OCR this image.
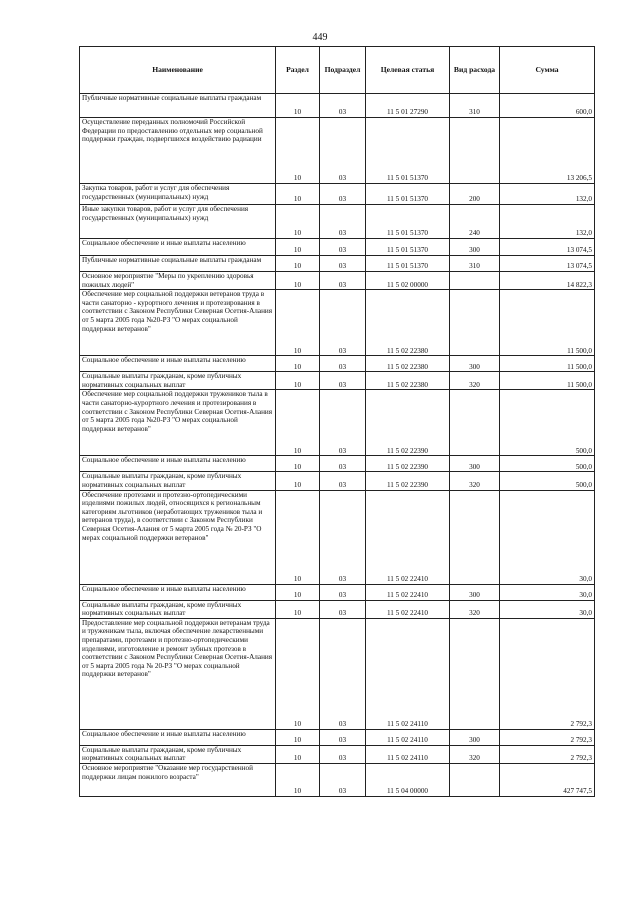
449
Наименование	Раздел	Подраздел	Целевая статья	Вид расхода	Сумма
Публичные нормативные социальные выплаты гражданам	10	03	11 5 01 27290	310	600,0
Осуществление переданных полномочий Российской Федерации по предоставлению отдельных мер социальной поддержки граждан, подвергшихся воздействию радиации	10	03	11 5 01 51370		13 206,5
Закупка товаров, работ и услуг для обеспечения государственных (муниципальных) нужд	10	03	11 5 01 51370	200	132,0
Иные закупки товаров, работ и услуг для обеспечения государственных (муниципальных) нужд	10	03	11 5 01 51370	240	132,0
Социальное обеспечение и иные выплаты населению	10	03	11 5 01 51370	300	13 074,5
Публичные нормативные социальные выплаты гражданам	10	03	11 5 01 51370	310	13 074,5
Основное мероприятие "Меры по укреплению здоровья пожилых людей"	10	03	11 5 02 00000		14 822,3
Обеспечение мер социальной поддержки ветеранов труда в части санаторно - курортного лечения и протезирования в соответствии с Законом Республики Северная Осетия-Алания от 5 марта 2005 года №20-РЗ "О мерах социальной поддержки ветеранов"	10	03	11 5 02 22380		11 500,0
Социальное обеспечение и иные выплаты населению	10	03	11 5 02 22380	300	11 500,0
Социальные выплаты гражданам, кроме публичных нормативных социальных выплат	10	03	11 5 02 22380	320	11 500,0
Обеспечение мер социальной поддержки тружеников тыла в части санаторно-курортного лечения и протезирования в соответствии с Законом Республики Северная Осетия-Алания от 5 марта 2005 года №20-РЗ "О мерах социальной поддержки ветеранов"	10	03	11 5 02 22390		500,0
Социальное обеспечение и иные выплаты населению	10	03	11 5 02 22390	300	500,0
Социальные выплаты гражданам, кроме публичных нормативных социальных выплат	10	03	11 5 02 22390	320	500,0
Обеспечение протезами и протезно-ортопедическими изделиями пожилых людей, относящихся к региональным категориям льготников (неработающих тружеников тыла и ветеранов труда), в соответствии с Законом Республики Северная Осетия-Алания от 5 марта 2005 года № 20-РЗ "О мерах социальной поддержки ветеранов"	10	03	11 5 02 22410		30,0
Социальное обеспечение и иные выплаты населению	10	03	11 5 02 22410	300	30,0
Социальные выплаты гражданам, кроме публичных нормативных социальных выплат	10	03	11 5 02 22410	320	30,0
Предоставление мер социальной поддержки ветеранам труда и труженикам тыла, включая обеспечение лекарственными препаратами, протезами и протезно-ортопедическими изделиями, изготовление и ремонт зубных протезов в соответствии с Законом Республики Северная Осетия-Алания от 5 марта 2005 года № 20-РЗ "О мерах социальной поддержки ветеранов"	10	03	11 5 02 24110		2 792,3
Социальное обеспечение и иные выплаты населению	10	03	11 5 02 24110	300	2 792,3
Социальные выплаты гражданам, кроме публичных нормативных социальных выплат	10	03	11 5 02 24110	320	2 792,3
Основное мероприятие "Оказание мер государственной поддержки лицам пожилого возраста"	10	03	11 5 04 00000		427 747,5
